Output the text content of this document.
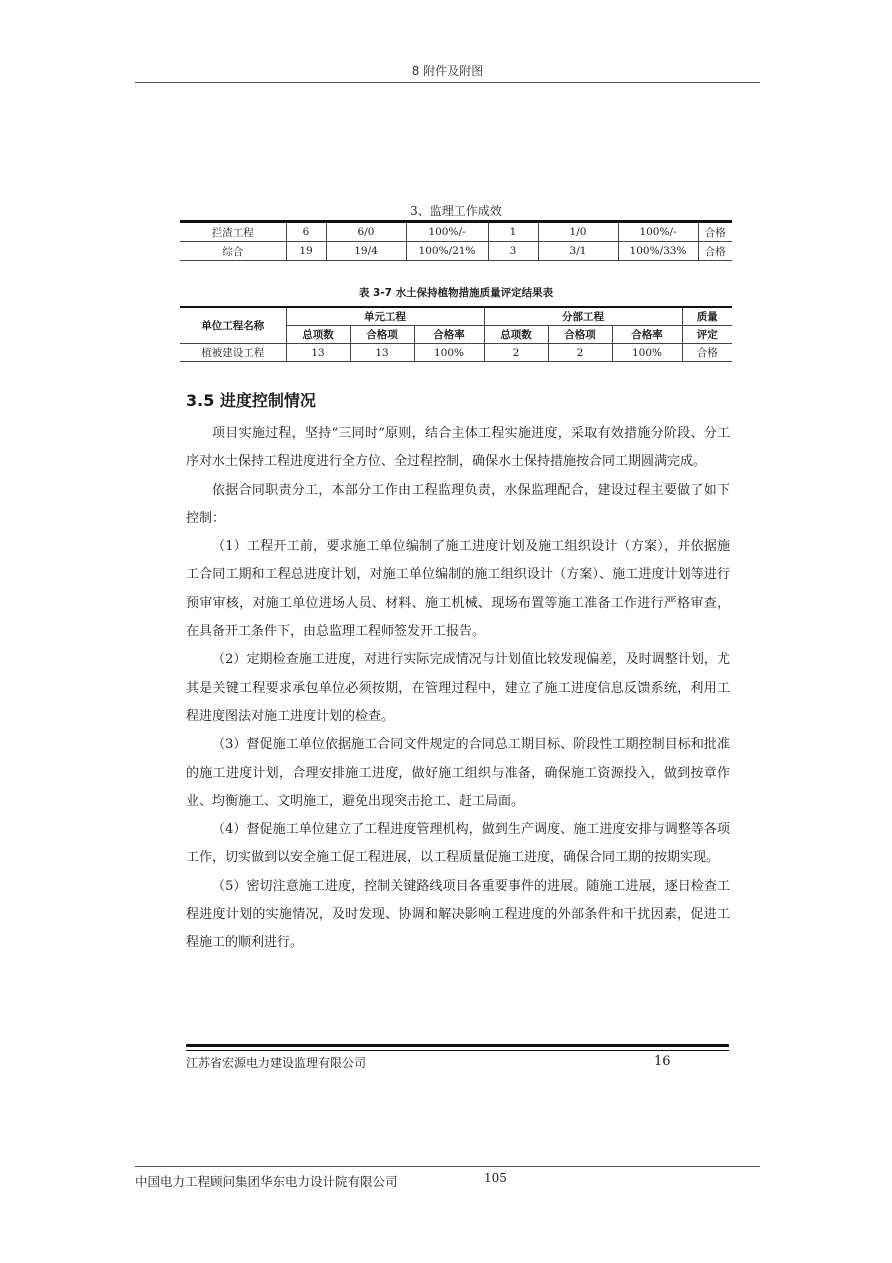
8 附件及附图
3、监理工作成效
拦渣工程	6	6/0	100%/-	1	1/0	100%/-	合格
综合	19	19/4	100%/21%	3	3/1	100%/33%	合格
表 3-7 水土保持植物措施质量评定结果表
单位工程名称	单元工程			分部工程			质量
	总项数	合格项	合格率	总项数	合格项	合格率	评定
植被建设工程	13	13	100%	2	2	100%	合格
3.5 进度控制情况

项目实施过程，坚持“三同时”原则，结合主体工程实施进度，采取有效措施分阶段、分工序对水土保持工程进度进行全方位、全过程控制，确保水土保持措施按合同工期圆满完成。

依据合同职责分工，本部分工作由工程监理负责，水保监理配合，建设过程主要做了如下控制：

（1）工程开工前，要求施工单位编制了施工进度计划及施工组织设计（方案），并依据施工合同工期和工程总进度计划，对施工单位编制的施工组织设计（方案）、施工进度计划等进行预审审核，对施工单位进场人员、材料、施工机械、现场布置等施工准备工作进行严格审查，在具备开工条件下，由总监理工程师签发开工报告。

（2）定期检查施工进度，对进行实际完成情况与计划值比较发现偏差，及时调整计划，尤其是关键工程要求承包单位必须按期，在管理过程中，建立了施工进度信息反馈系统，利用工程进度图法对施工进度计划的检查。

（3）督促施工单位依据施工合同文件规定的合同总工期目标、阶段性工期控制目标和批准的施工进度计划，合理安排施工进度，做好施工组织与准备，确保施工资源投入，做到按章作业、均衡施工、文明施工，避免出现突击抢工、赶工局面。

（4）督促施工单位建立了工程进度管理机构，做到生产调度、施工进度安排与调整等各项工作，切实做到以安全施工促工程进展，以工程质量促施工进度，确保合同工期的按期实现。

（5）密切注意施工进度，控制关键路线项目各重要事件的进展。随施工进展，逐日检查工程进度计划的实施情况，及时发现、协调和解决影响工程进度的外部条件和干扰因素，促进工程施工的顺利进行。

江苏省宏源电力建设监理有限公司	16
中国电力工程顾问集团华东电力设计院有限公司	105
